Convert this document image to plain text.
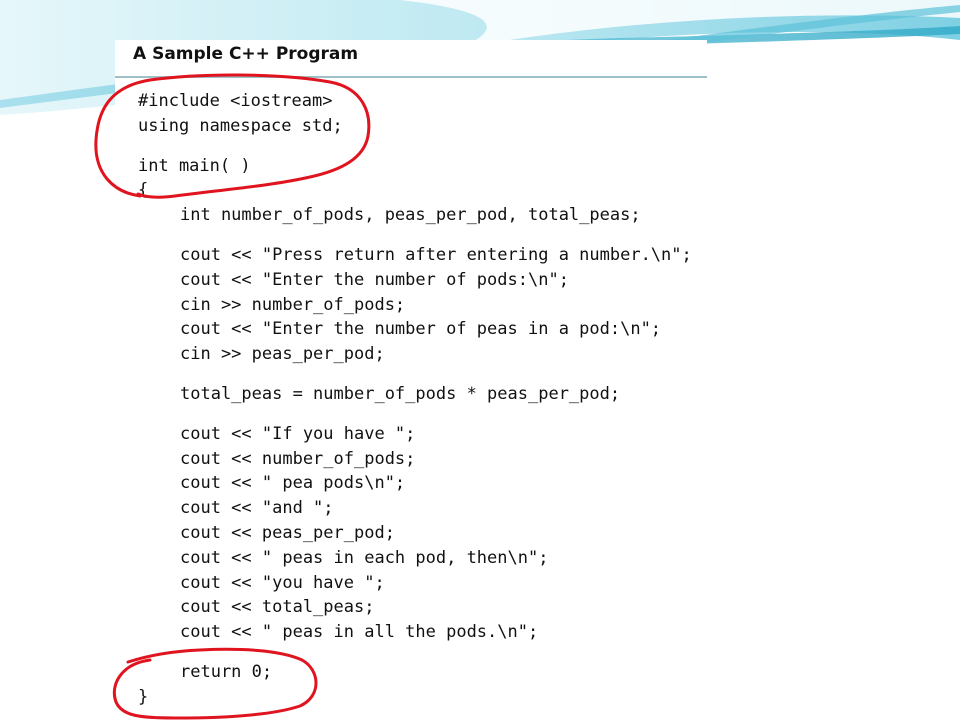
A Sample C++ Program
#include <iostream>
using namespace std;
int main( )
{
int number_of_pods, peas_per_pod, total_peas;
cout << "Press return after entering a number.\n";
cout << "Enter the number of pods:\n";
cin >> number_of_pods;
cout << "Enter the number of peas in a pod:\n";
cin >> peas_per_pod;
total_peas = number_of_pods * peas_per_pod;
cout << "If you have ";
cout << number_of_pods;
cout << " pea pods\n";
cout << "and ";
cout << peas_per_pod;
cout << " peas in each pod, then\n";
cout << "you have ";
cout << total_peas;
cout << " peas in all the pods.\n";
return 0;
}
